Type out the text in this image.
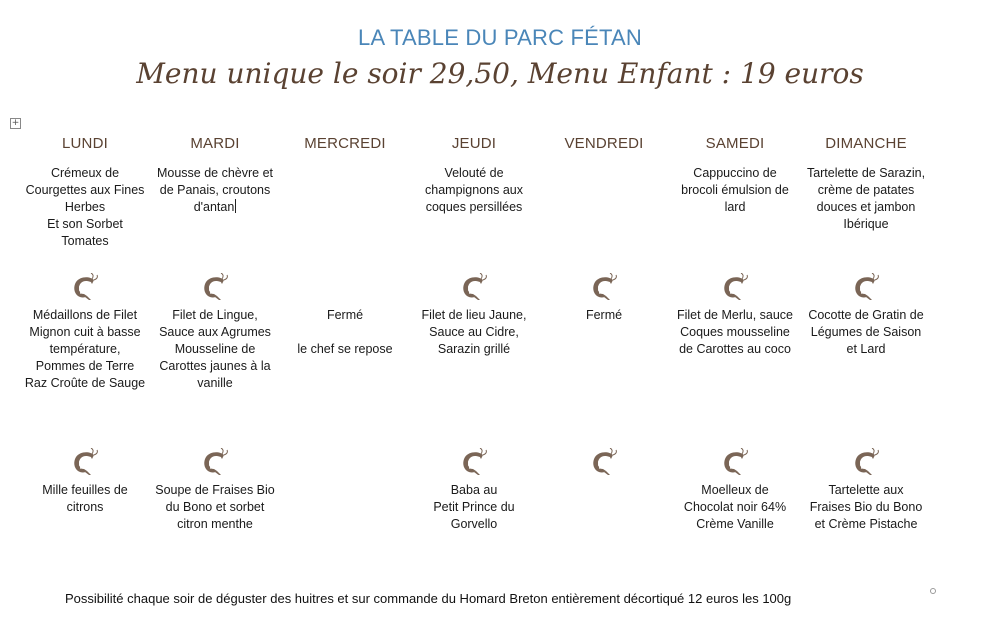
LA TABLE DU PARC FÉTAN
Menu unique le soir 29,50, Menu Enfant : 19 euros
+
LUNDI
Crémeux de
Courgettes aux Fines
Herbes
Et son Sorbet
Tomates
Médaillons de Filet
Mignon cuit à basse
température,
Pommes de Terre
Raz Croûte de Sauge
Mille feuilles de
citrons
MARDI
Mousse de chèvre et
de Panais, croutons
d'antan
Filet de Lingue,
Sauce aux Agrumes
Mousseline de
Carottes jaunes à la
vanille
Soupe de Fraises Bio
du Bono et sorbet
citron menthe
MERCREDI
Fermé

le chef se repose
JEUDI
Velouté de
champignons aux
coques persillées
Filet de lieu Jaune,
Sauce au Cidre,
Sarazin grillé
Baba au
Petit Prince du
Gorvello
VENDREDI
Fermé
SAMEDI
Cappuccino de
brocoli émulsion de
lard
Filet de Merlu, sauce
Coques mousseline
de Carottes au coco
Moelleux de
Chocolat noir 64%
Crème Vanille
DIMANCHE
Tartelette de Sarazin,
crème de patates
douces et jambon
Ibérique
Cocotte de Gratin de
Légumes de Saison
et Lard
Tartelette aux
Fraises Bio du Bono
et Crème Pistache
Possibilité chaque soir de déguster des huitres et sur commande du Homard Breton entièrement décortiqué 12 euros les 100g
